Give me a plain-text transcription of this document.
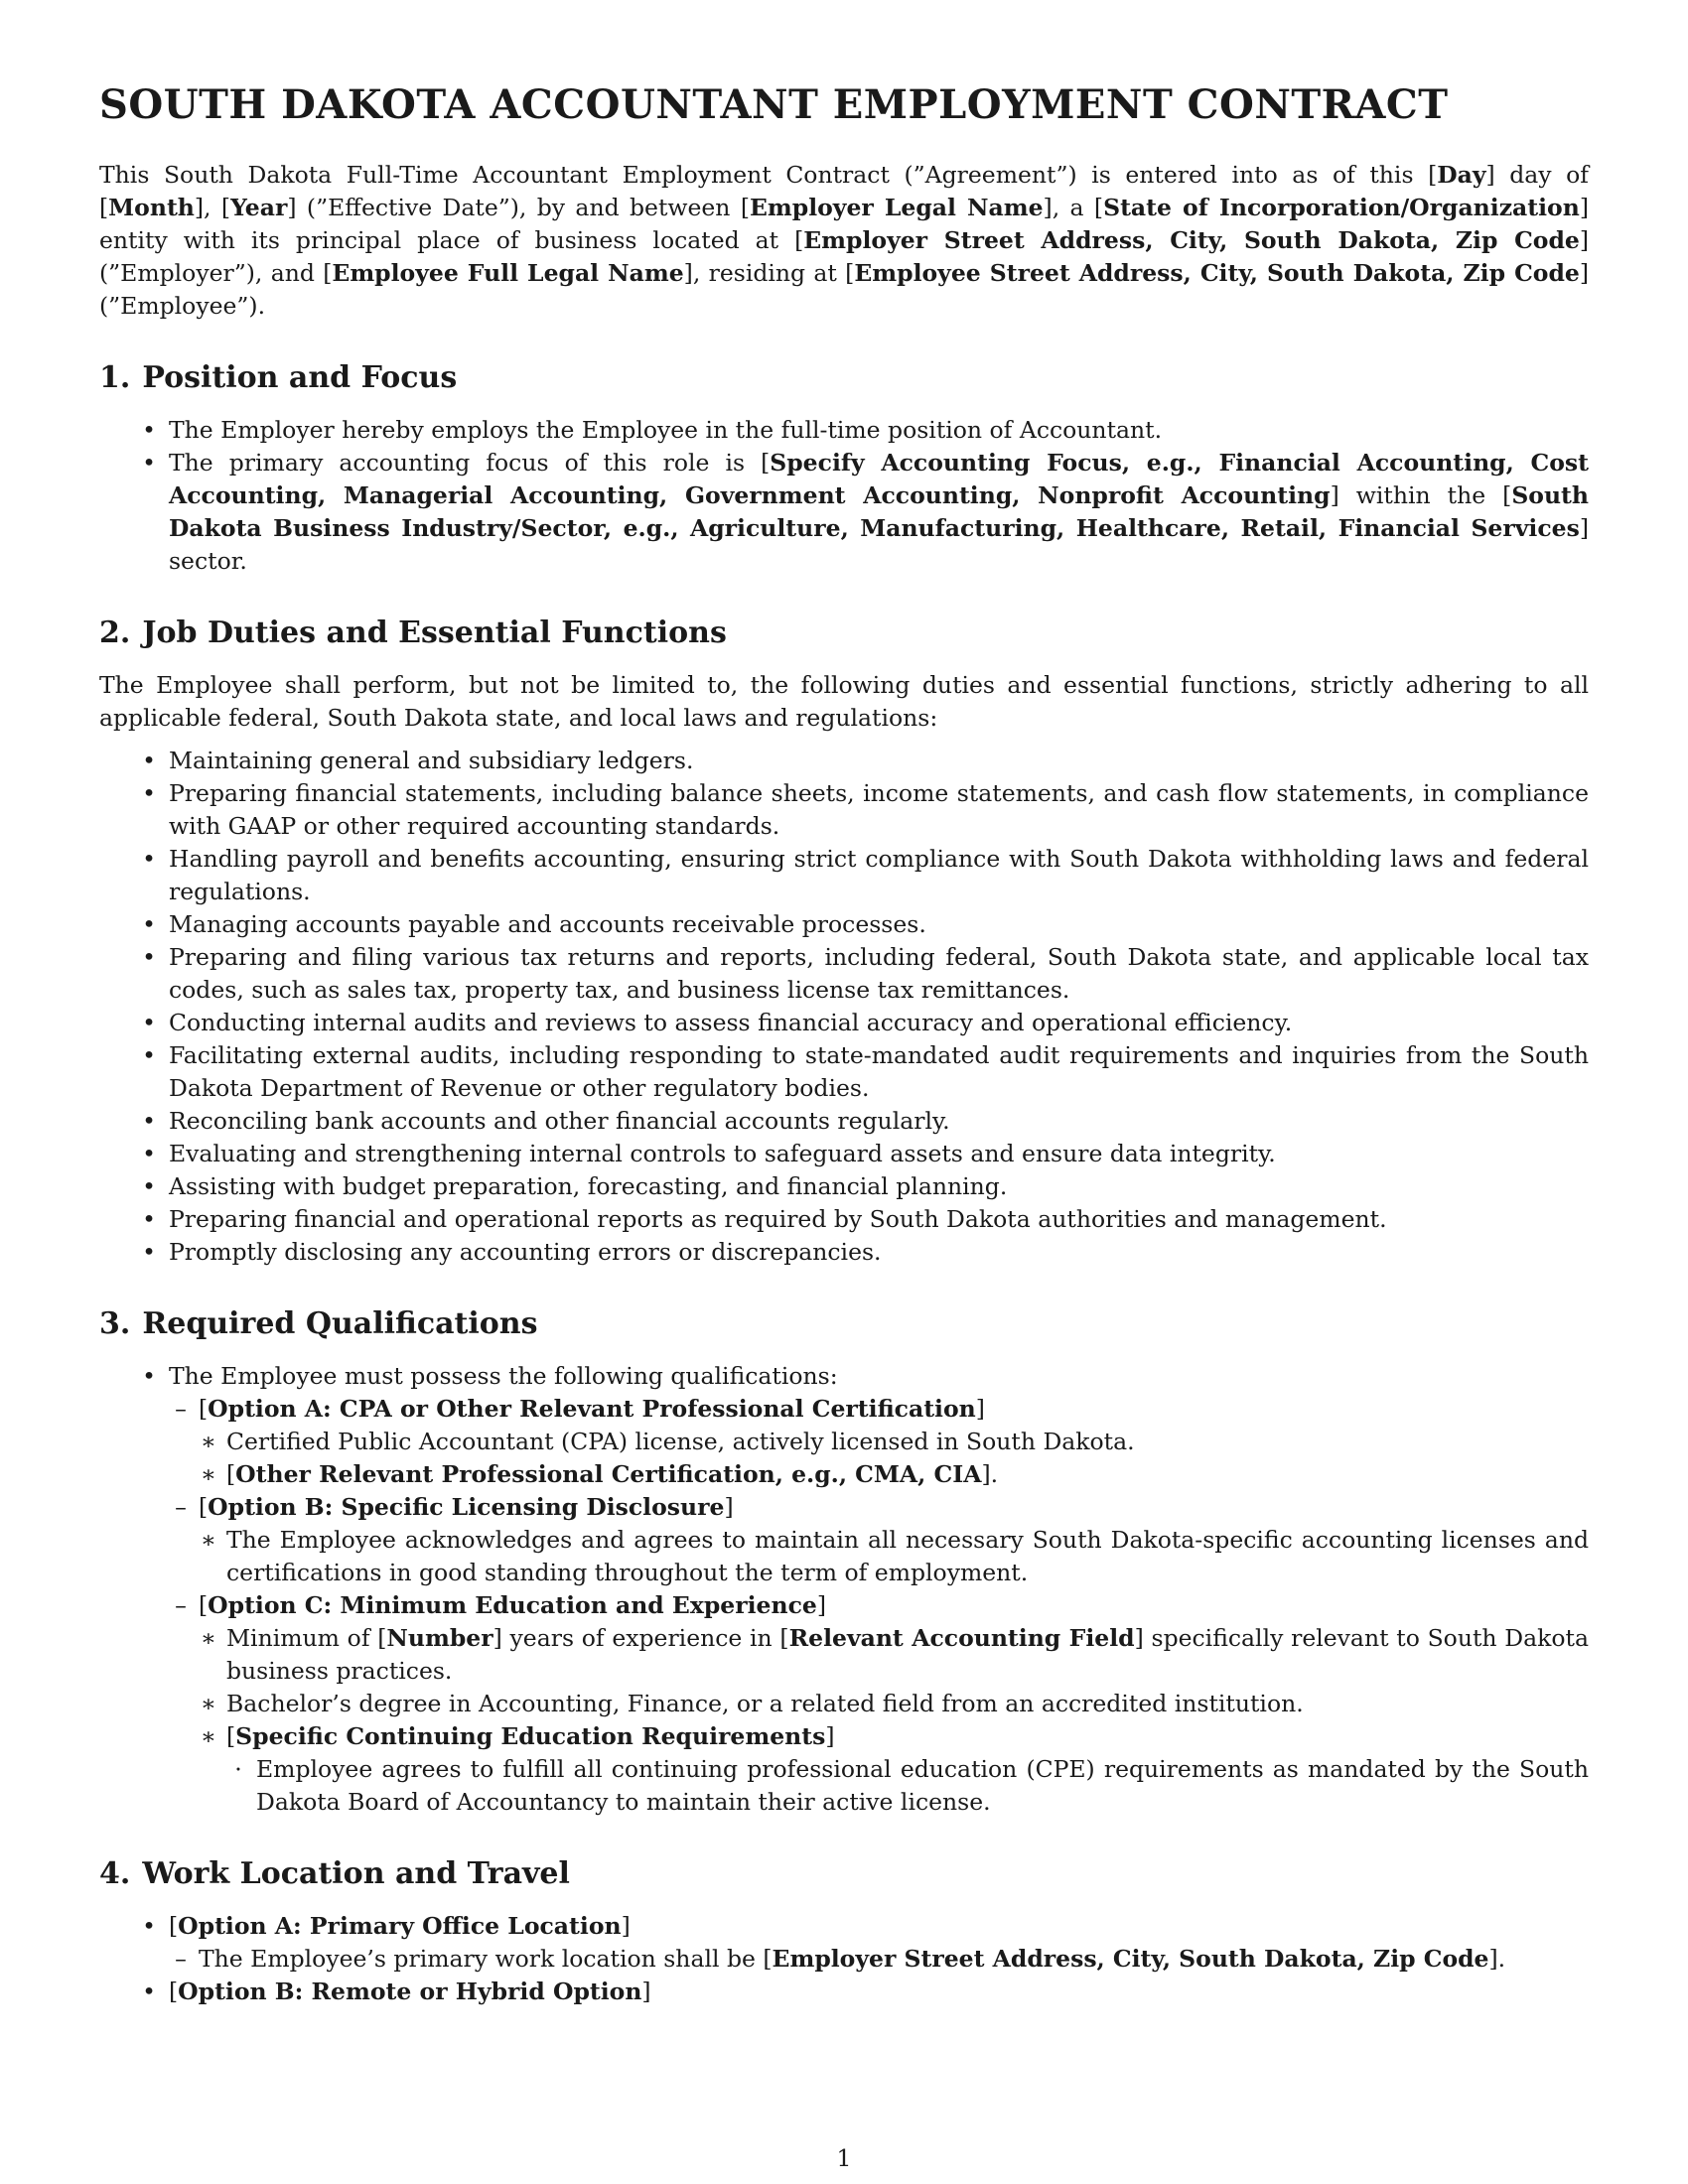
SOUTH DAKOTA ACCOUNTANT EMPLOYMENT CONTRACT

This South Dakota Full-Time Accountant Employment Contract (”Agreement”) is entered into as of this [Day] day of [Month], [Year] (”Effective Date”), by and between [Employer Legal Name], a [State of Incorporation/Organization] entity with its principal place of business located at [Employer Street Address, City, South Dakota, Zip Code] (”Employer”), and [Employee Full Legal Name], residing at [Employee Street Address, City, South Dakota, Zip Code] (”Employee”).

1. Position and Focus
• The Employer hereby employs the Employee in the full-time position of Accountant.
• The primary accounting focus of this role is [Specify Accounting Focus, e.g., Financial Accounting, Cost Accounting, Managerial Accounting, Government Accounting, Nonprofit Accounting] within the [South Dakota Business Industry/Sector, e.g., Agriculture, Manufacturing, Healthcare, Retail, Financial Services] sector.
2. Job Duties and Essential Functions

The Employee shall perform, but not be limited to, the following duties and essential functions, strictly adhering to all applicable federal, South Dakota state, and local laws and regulations:

• Maintaining general and subsidiary ledgers.
• Preparing financial statements, including balance sheets, income statements, and cash flow statements, in compliance with GAAP or other required accounting standards.
• Handling payroll and benefits accounting, ensuring strict compliance with South Dakota withholding laws and federal regulations.
• Managing accounts payable and accounts receivable processes.
• Preparing and filing various tax returns and reports, including federal, South Dakota state, and applicable local tax codes, such as sales tax, property tax, and business license tax remittances.
• Conducting internal audits and reviews to assess financial accuracy and operational efficiency.
• Facilitating external audits, including responding to state-mandated audit requirements and inquiries from the South Dakota Department of Revenue or other regulatory bodies.
• Reconciling bank accounts and other financial accounts regularly.
• Evaluating and strengthening internal controls to safeguard assets and ensure data integrity.
• Assisting with budget preparation, forecasting, and financial planning.
• Preparing financial and operational reports as required by South Dakota authorities and management.
• Promptly disclosing any accounting errors or discrepancies.
3. Required Qualifications
• The Employee must possess the following qualifications:
– [Option A: CPA or Other Relevant Professional Certification]
∗ Certified Public Accountant (CPA) license, actively licensed in South Dakota.
∗ [Other Relevant Professional Certification, e.g., CMA, CIA].
– [Option B: Specific Licensing Disclosure]
∗ The Employee acknowledges and agrees to maintain all necessary South Dakota-specific accounting licenses and certifications in good standing throughout the term of employment.
– [Option C: Minimum Education and Experience]
∗ Minimum of [Number] years of experience in [Relevant Accounting Field] specifically relevant to South Dakota business practices.
∗ Bachelor’s degree in Accounting, Finance, or a related field from an accredited institution.
∗ [Specific Continuing Education Requirements]
· Employee agrees to fulfill all continuing professional education (CPE) requirements as mandated by the South Dakota Board of Accountancy to maintain their active license.
4. Work Location and Travel
• [Option A: Primary Office Location]
– The Employee’s primary work location shall be [Employer Street Address, City, South Dakota, Zip Code].
• [Option B: Remote or Hybrid Option]
1
